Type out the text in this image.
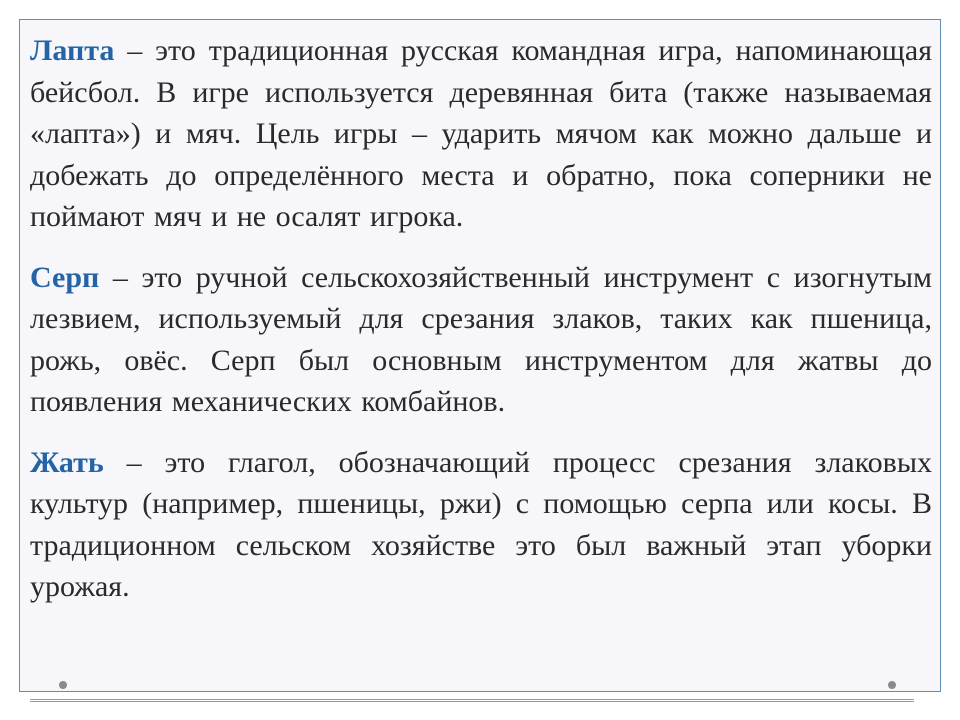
Лапта – это традиционная русская командная игра, напоминающая бейсбол. В игре используется деревянная бита (также называемая «лапта») и мяч. Цель игры – ударить мячом как можно дальше и добежать до определённого места и обратно, пока соперники не поймают мяч и не осалят игрока.

Серп – это ручной сельскохозяйственный инструмент с изогнутым лезвием, используемый для срезания злаков, таких как пшеница, рожь, овёс. Серп был основным инструментом для жатвы до появления механических комбайнов.

Жать – это глагол, обозначающий процесс срезания злаковых культур (например, пшеницы, ржи) с помощью серпа или косы. В традиционном сельском хозяйстве это был важный этап уборки урожая.
